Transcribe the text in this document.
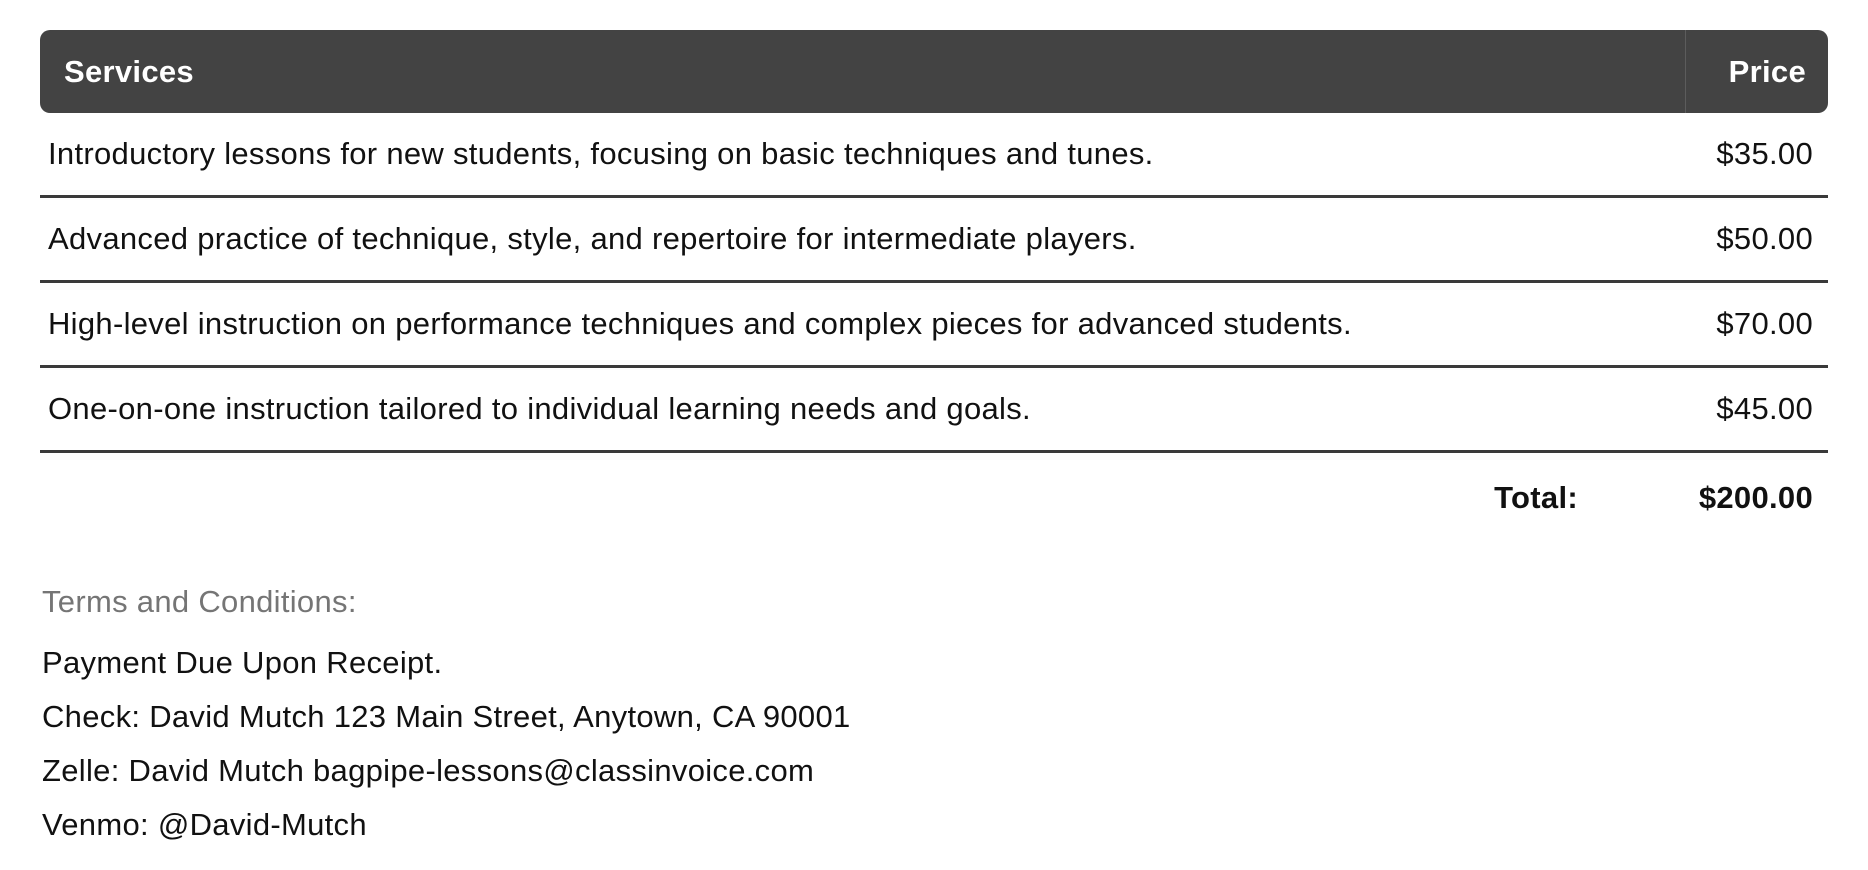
Services	Price
Introductory lessons for new students, focusing on basic techniques and tunes.	$35.00
Advanced practice of technique, style, and repertoire for intermediate players.	$50.00
High-level instruction on performance techniques and complex pieces for advanced students.	$70.00
One-on-one instruction tailored to individual learning needs and goals.	$45.00
Total:	$200.00
Terms and Conditions:
Payment Due Upon Receipt.
Check: David Mutch 123 Main Street, Anytown, CA 90001
Zelle: David Mutch bagpipe-lessons@classinvoice.com
Venmo: @David-Mutch
